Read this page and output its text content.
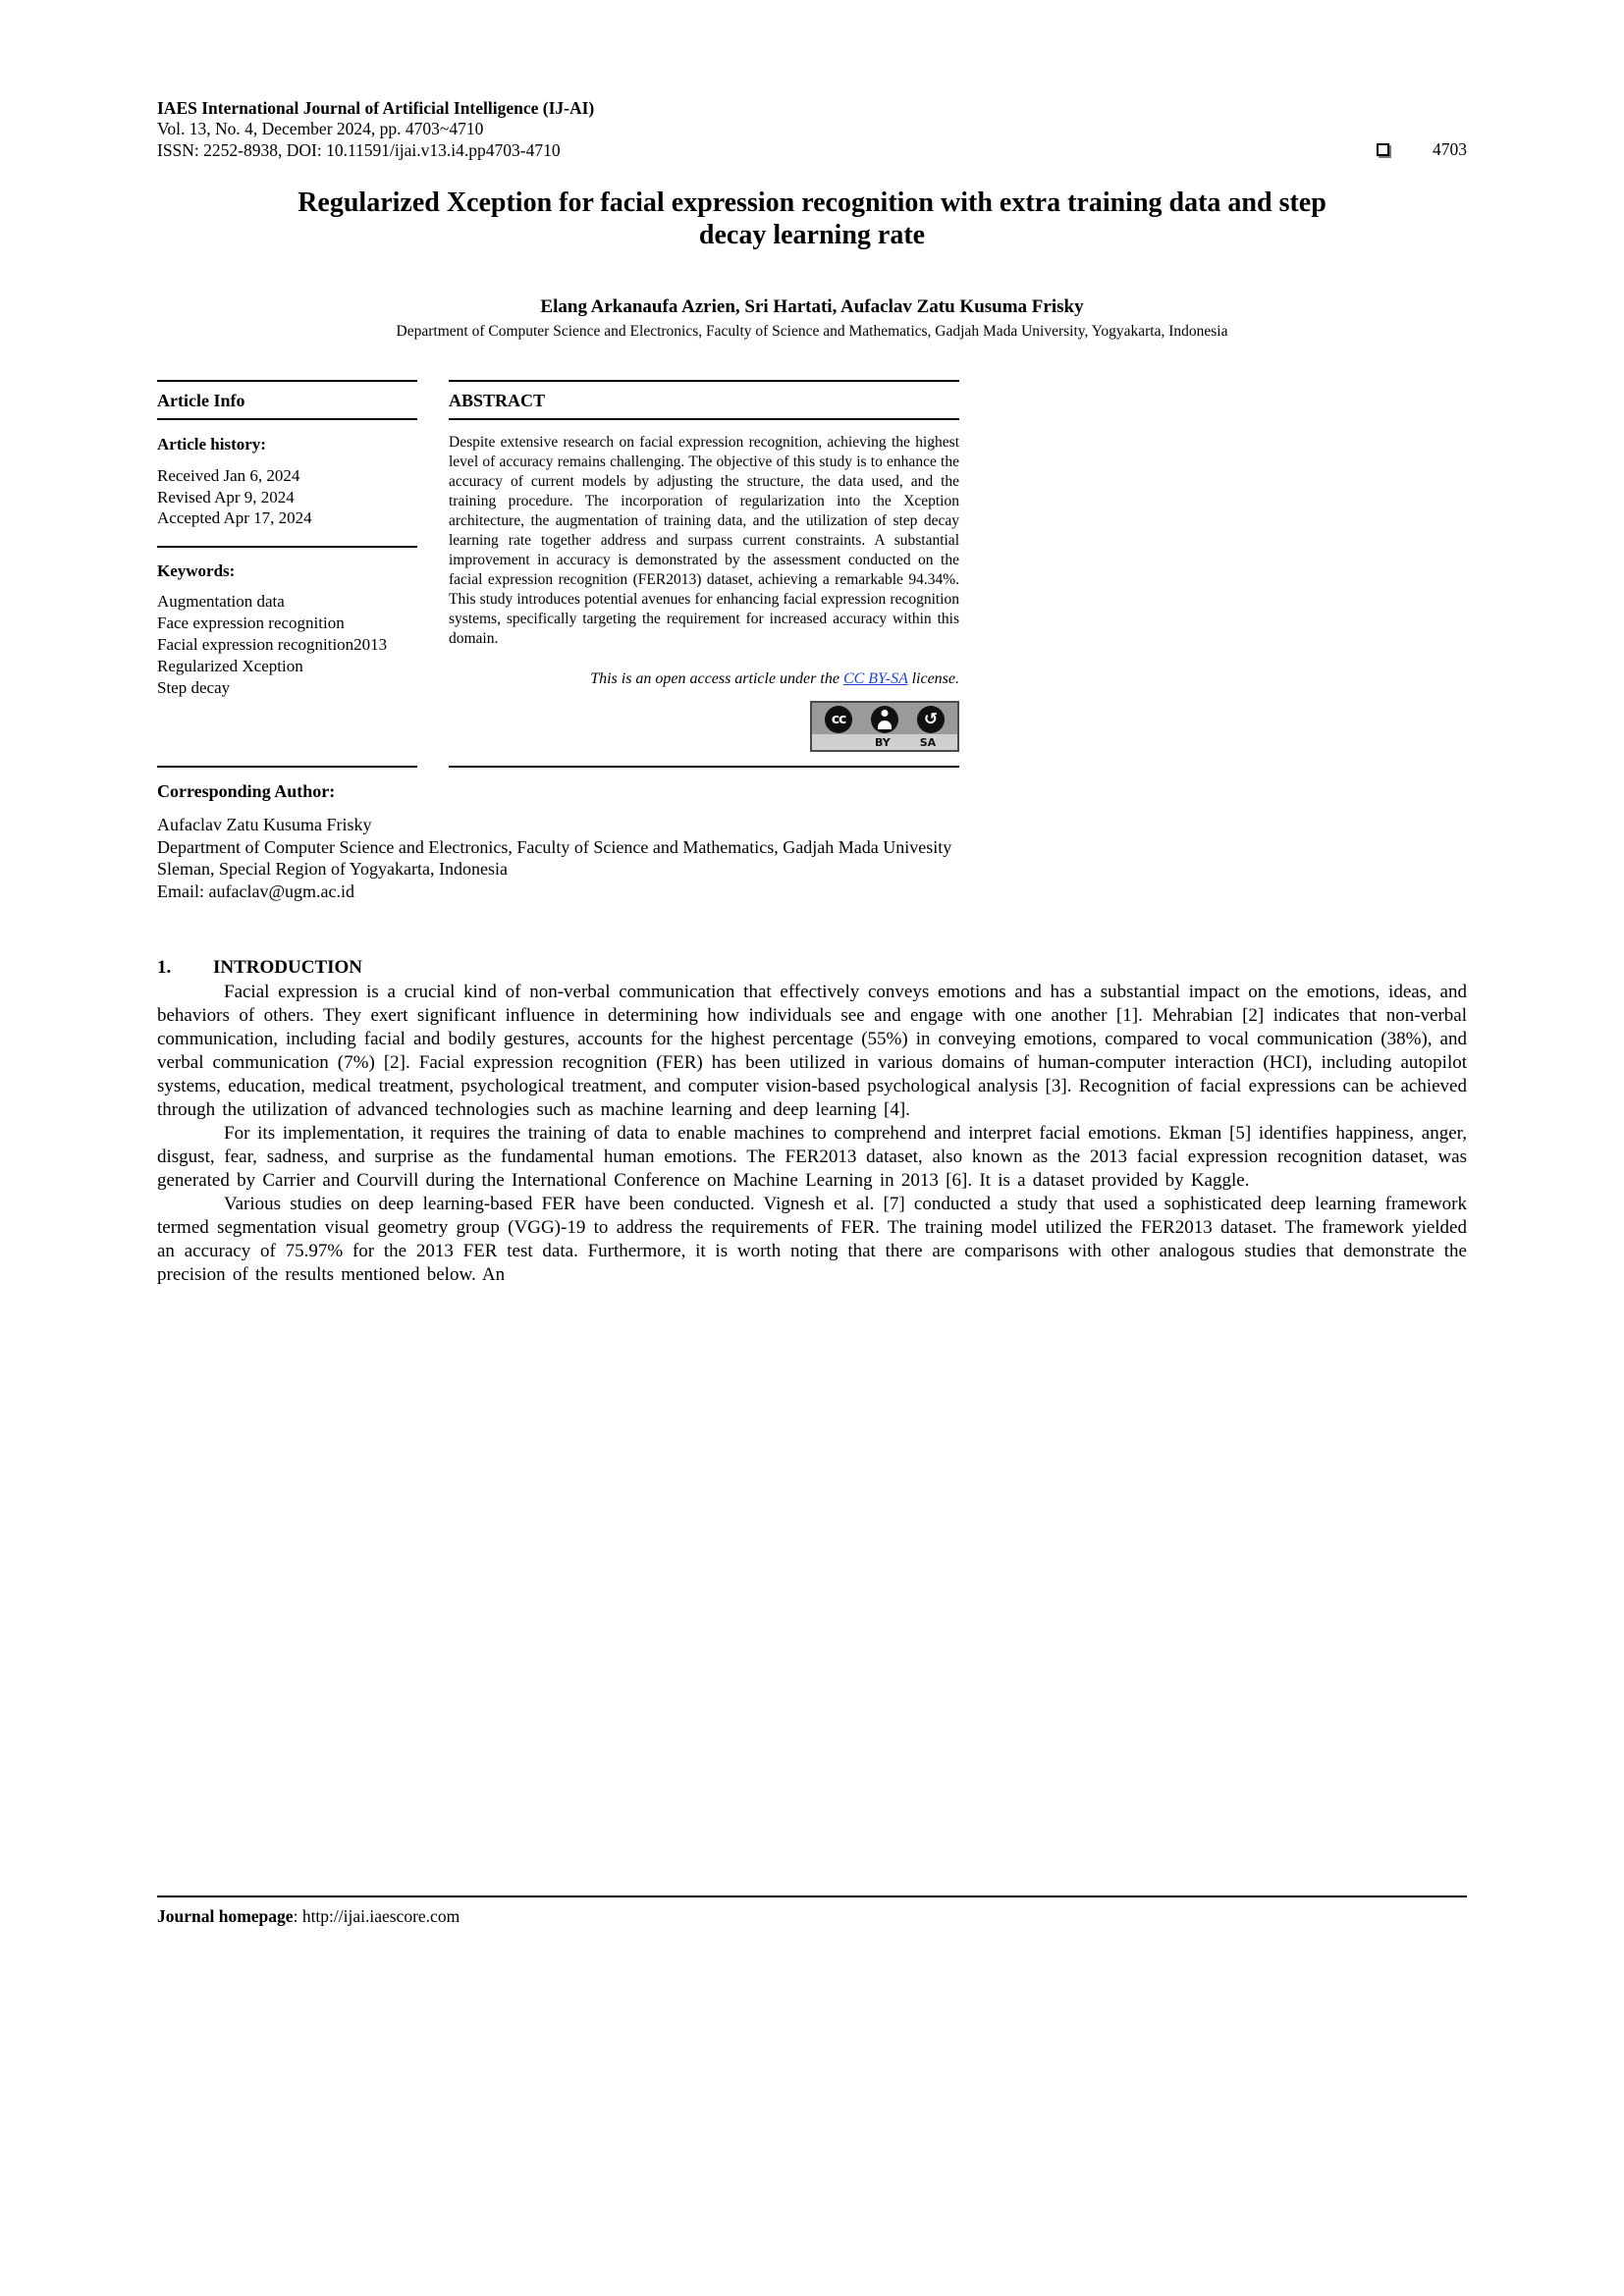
IAES International Journal of Artificial Intelligence (IJ-AI)
Vol. 13, No. 4, December 2024, pp. 4703~4710
ISSN: 2252-8938, DOI: 10.11591/ijai.v13.i4.pp4703-4710	4703
Regularized Xception for facial expression recognition with extra training data and step decay learning rate
Elang Arkanaufa Azrien, Sri Hartati, Aufaclav Zatu Kusuma Frisky
Department of Computer Science and Electronics, Faculty of Science and Mathematics, Gadjah Mada University, Yogyakarta, Indonesia
Article Info
Article history:
Received Jan 6, 2024
Revised Apr 9, 2024
Accepted Apr 17, 2024
Keywords:
Augmentation data
Face expression recognition
Facial expression recognition2013
Regularized Xception
Step decay
ABSTRACT
Despite extensive research on facial expression recognition, achieving the highest level of accuracy remains challenging. The objective of this study is to enhance the accuracy of current models by adjusting the structure, the data used, and the training procedure. The incorporation of regularization into the Xception architecture, the augmentation of training data, and the utilization of step decay learning rate together address and surpass current constraints. A substantial improvement in accuracy is demonstrated by the assessment conducted on the facial expression recognition (FER2013) dataset, achieving a remarkable 94.34%. This study introduces potential avenues for enhancing facial expression recognition systems, specifically targeting the requirement for increased accuracy within this domain.
This is an open access article under the CC BY-SA license.
cc	↺
BY	SA
Corresponding Author:
Aufaclav Zatu Kusuma Frisky
Department of Computer Science and Electronics, Faculty of Science and Mathematics, Gadjah Mada Univesity
Sleman, Special Region of Yogyakarta, Indonesia
Email: aufaclav@ugm.ac.id
1. INTRODUCTION

Facial expression is a crucial kind of non-verbal communication that effectively conveys emotions and has a substantial impact on the emotions, ideas, and behaviors of others. They exert significant influence in determining how individuals see and engage with one another [1]. Mehrabian [2] indicates that non-verbal communication, including facial and bodily gestures, accounts for the highest percentage (55%) in conveying emotions, compared to vocal communication (38%), and verbal communication (7%) [2]. Facial expression recognition (FER) has been utilized in various domains of human-computer interaction (HCI), including autopilot systems, education, medical treatment, psychological treatment, and computer vision-based psychological analysis [3]. Recognition of facial expressions can be achieved through the utilization of advanced technologies such as machine learning and deep learning [4].

For its implementation, it requires the training of data to enable machines to comprehend and interpret facial emotions. Ekman [5] identifies happiness, anger, disgust, fear, sadness, and surprise as the fundamental human emotions. The FER2013 dataset, also known as the 2013 facial expression recognition dataset, was generated by Carrier and Courvill during the International Conference on Machine Learning in 2013 [6]. It is a dataset provided by Kaggle.

Various studies on deep learning-based FER have been conducted. Vignesh et al. [7] conducted a study that used a sophisticated deep learning framework termed segmentation visual geometry group (VGG)-19 to address the requirements of FER. The training model utilized the FER2013 dataset. The framework yielded an accuracy of 75.97% for the 2013 FER test data. Furthermore, it is worth noting that there are comparisons with other analogous studies that demonstrate the precision of the results mentioned below. An

Journal homepage: http://ijai.iaescore.com
